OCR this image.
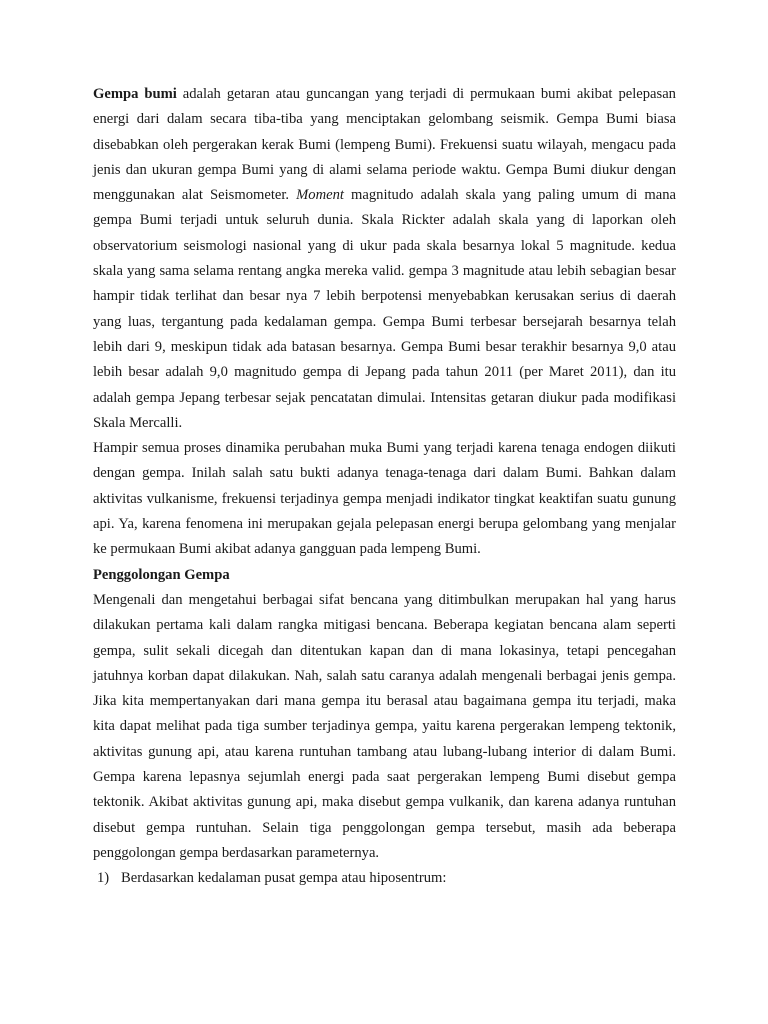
Gempa bumi adalah getaran atau guncangan yang terjadi di permukaan bumi akibat pelepasan energi dari dalam secara tiba-tiba yang menciptakan gelombang seismik. Gempa Bumi biasa disebabkan oleh pergerakan kerak Bumi (lempeng Bumi). Frekuensi suatu wilayah, mengacu pada jenis dan ukuran gempa Bumi yang di alami selama periode waktu. Gempa Bumi diukur dengan menggunakan alat Seismometer. Moment magnitudo adalah skala yang paling umum di mana gempa Bumi terjadi untuk seluruh dunia. Skala Rickter adalah skala yang di laporkan oleh observatorium seismologi nasional yang di ukur pada skala besarnya lokal 5 magnitude. kedua skala yang sama selama rentang angka mereka valid. gempa 3 magnitude atau lebih sebagian besar hampir tidak terlihat dan besar nya 7 lebih berpotensi menyebabkan kerusakan serius di daerah yang luas, tergantung pada kedalaman gempa. Gempa Bumi terbesar bersejarah besarnya telah lebih dari 9, meskipun tidak ada batasan besarnya. Gempa Bumi besar terakhir besarnya 9,0 atau lebih besar adalah 9,0 magnitudo gempa di Jepang pada tahun 2011 (per Maret 2011), dan itu adalah gempa Jepang terbesar sejak pencatatan dimulai. Intensitas getaran diukur pada modifikasi Skala Mercalli.

Hampir semua proses dinamika perubahan muka Bumi yang terjadi karena tenaga endogen diikuti dengan gempa. Inilah salah satu bukti adanya tenaga-tenaga dari dalam Bumi. Bahkan dalam aktivitas vulkanisme, frekuensi terjadinya gempa menjadi indikator tingkat keaktifan suatu gunung api. Ya, karena fenomena ini merupakan gejala pelepasan energi berupa gelombang yang menjalar ke permukaan Bumi akibat adanya gangguan pada lempeng Bumi.

Penggolongan Gempa

Mengenali dan mengetahui berbagai sifat bencana yang ditimbulkan merupakan hal yang harus dilakukan pertama kali dalam rangka mitigasi bencana. Beberapa kegiatan bencana alam seperti gempa, sulit sekali dicegah dan ditentukan kapan dan di mana lokasinya, tetapi pencegahan jatuhnya korban dapat dilakukan. Nah, salah satu caranya adalah mengenali berbagai jenis gempa. Jika kita mempertanyakan dari mana gempa itu berasal atau bagaimana gempa itu terjadi, maka kita dapat melihat pada tiga sumber terjadinya gempa, yaitu karena pergerakan lempeng tektonik, aktivitas gunung api, atau karena runtuhan tambang atau lubang-lubang interior di dalam Bumi. Gempa karena lepasnya sejumlah energi pada saat pergerakan lempeng Bumi disebut gempa tektonik. Akibat aktivitas gunung api, maka disebut gempa vulkanik, dan karena adanya runtuhan disebut gempa runtuhan. Selain tiga penggolongan gempa tersebut, masih ada beberapa penggolongan gempa berdasarkan parameternya.

1) Berdasarkan kedalaman pusat gempa atau hiposentrum:
